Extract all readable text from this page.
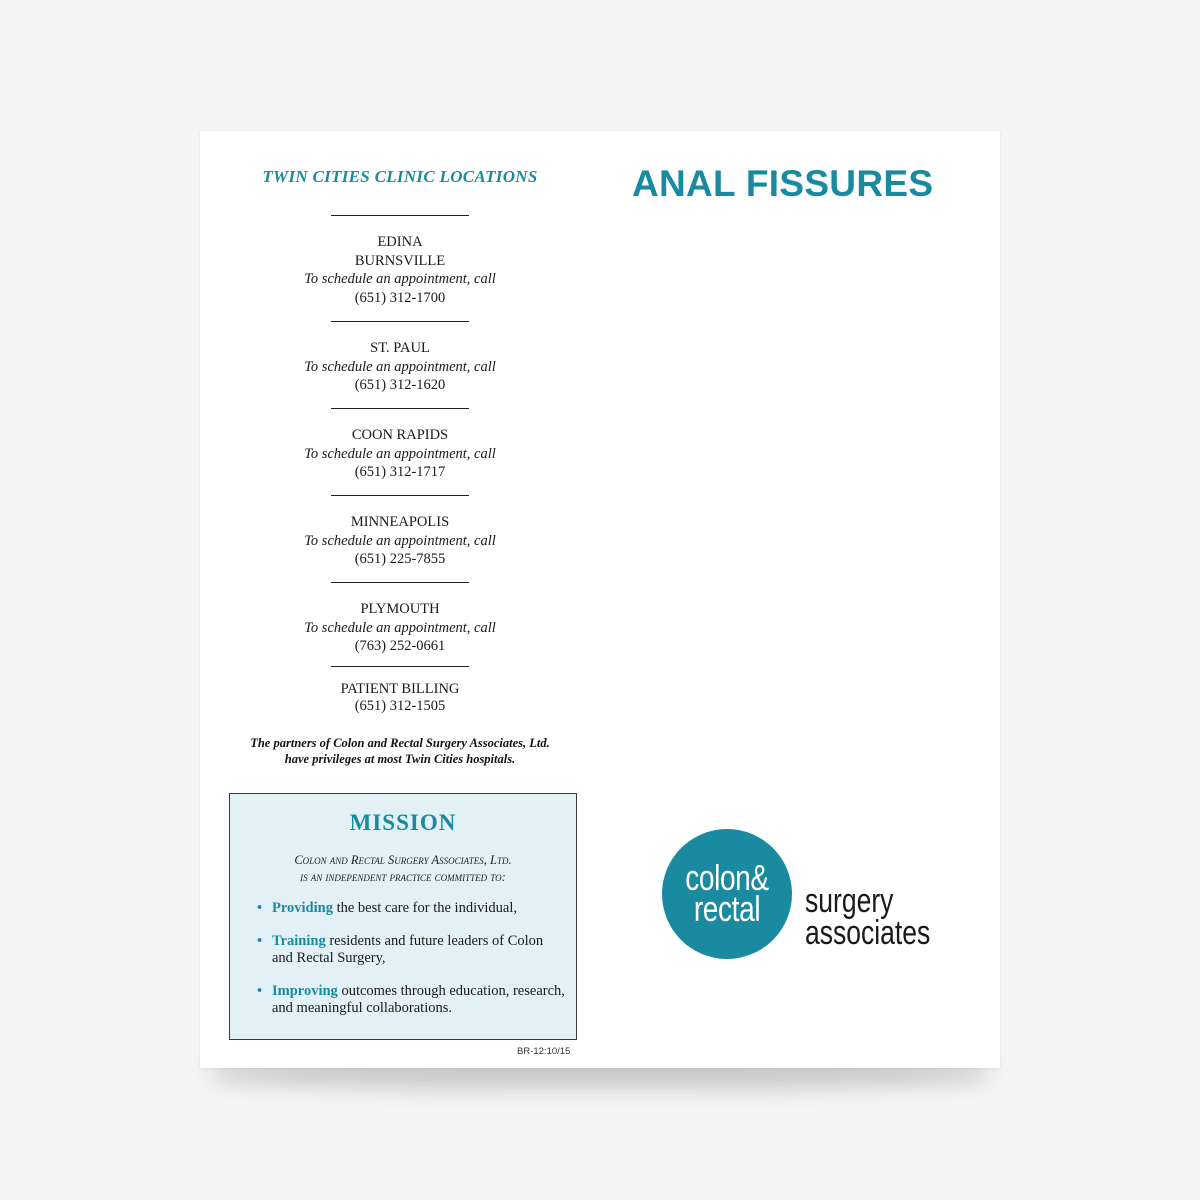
TWIN CITIES CLINIC LOCATIONS
EDINA
BURNSVILLE
To schedule an appointment, call
(651) 312-1700
ST. PAUL
To schedule an appointment, call
(651) 312-1620
COON RAPIDS
To schedule an appointment, call
(651) 312-1717
MINNEAPOLIS
To schedule an appointment, call
(651) 225-7855
PLYMOUTH
To schedule an appointment, call
(763) 252-0661
PATIENT BILLING
(651) 312-1505
The partners of Colon and Rectal Surgery Associates, Ltd.
have privileges at most Twin Cities hospitals.
MISSION
Colon and Rectal Surgery Associates, Ltd.
is an independent practice committed to:
• Providing the best care for the individual,
• Training residents and future leaders of Colon and Rectal Surgery,
• Improving outcomes through education, research, and meaningful collaborations.
BR-12:10/15
ANAL FISSURES
colon&
rectal	surgery
associates
